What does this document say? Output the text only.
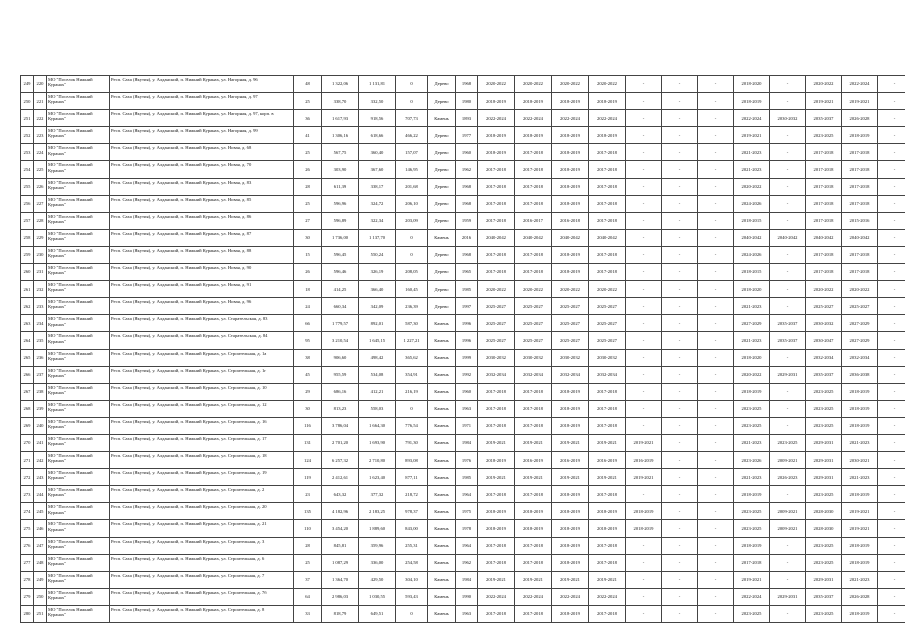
249	220	МО "Поселок Нижний Куранах"	Респ. Саха (Якутия), у. Алданский, п. Нижний Куранах, ул. Нагорная, д. 96	48	1 322,06	1 131,81	0	Дерево	1968	2020-2022	2020-2022	2020-2022	2020-2022	-	-	-	2018-2020	-	2020-2022	2022-2024	-
250	221	МО "Поселок Нижний Куранах"	Респ. Саха (Якутия), у. Алданский, п. Нижний Куранах, ул. Нагорная, д. 97	25	338,70	332,50	0	Дерево	1980	2018-2019	2018-2019	2018-2019	2018-2019	-	-	-	2018-2019	-	2019-2021	2019-2021	-
251	222	МО "Поселок Нижний Куранах"	Респ. Саха (Якутия), у. Алданский, п. Нижний Куранах, ул. Нагорная, д. 97, корп. в	36	1 617,93	918,56	707,73	Камень	1893	2022-2024	2022-2024	2022-2024	2022-2024	-	-	-	2022-2024	2030-2032	2035-2037	2026-2028	-
252	223	МО "Поселок Нижний Куранах"	Респ. Саха (Якутия), у. Алданский, п. Нижний Куранах, ул. Нагорная, д. 99	41	1 306,16	618,66	466,22	Дерево	1977	2018-2019	2018-2019	2018-2019	2018-2019	-	-	-	2019-2021	-	2023-2025	2018-2019	-
253	224	МО "Поселок Нижний Куранах"	Респ. Саха (Якутия), у. Алданский, п. Нижний Куранах, ул. Новая, д. 68	25	567,75	360,40	157,07	Дерево	1960	2018-2019	2017-2018	2018-2019	2017-2018	-	-	-	2021-2023	-	2017-2018	2017-2018	-
254	225	МО "Поселок Нижний Куранах"	Респ. Саха (Якутия), у. Алданский, п. Нижний Куранах, ул. Новая, д. 70	26	303,90	367,60	146,95	Дерево	1962	2017-2018	2017-2018	2018-2019	2017-2018	-	-	-	2021-2023	-	2017-2018	2017-2018	-
255	226	МО "Поселок Нижний Куранах"	Респ. Саха (Якутия), у. Алданский, п. Нижний Куранах, ул. Новая, д. 83	28	611,39	338,17	201,68	Дерево	1968	2017-2018	2017-2018	2018-2019	2017-2018	-	-	-	2020-2022	-	2017-2018	2017-2018	-
256	227	МО "Поселок Нижний Куранах"	Респ. Саха (Якутия), у. Алданский, п. Нижний Куранах, ул. Новая, д. 85	25	596,96	324,72	206,10	Дерево	1968	2017-2018	2017-2018	2018-2019	2017-2018	-	-	-	2024-2026	-	2017-2018	2017-2018	-
257	228	МО "Поселок Нижний Куранах"	Респ. Саха (Якутия), у. Алданский, п. Нижний Куранах, ул. Новая, д. 86	27	596,89	322,34	203,09	Дерево	1959	2017-2018	2016-2017	2016-2018	2017-2018	-	-	-	2018-2015	-	2017-2018	2015-2016	-
258	229	МО "Поселок Нижний Куранах"	Респ. Саха (Якутия), у. Алданский, п. Нижний Куранах, ул. Новая, д. 87	30	1 736,00	1 137,70	0	Камень	2016	2040-2042	2040-2042	2040-2042	2040-2042	-	-	-	2040-2042	2040-2042	2040-2042	2040-2042	-
259	230	МО "Поселок Нижний Куранах"	Респ. Саха (Якутия), у. Алданский, п. Нижний Куранах, ул. Новая, д. 88	15	596,45	550,24	0	Дерево	1968	2017-2018	2017-2018	2018-2019	2017-2018	-	-	-	2024-2026	-	2017-2018	2017-2018	-
260	231	МО "Поселок Нижний Куранах"	Респ. Саха (Якутия), у. Алданский, п. Нижний Куранах, ул. Новая, д. 90	26	596,46	326,19	208,05	Дерево	1965	2017-2018	2017-2018	2018-2019	2017-2018	-	-	-	2018-2015	-	2017-2018	2017-2018	-
261	232	МО "Поселок Нижний Куранах"	Респ. Саха (Якутия), у. Алданский, п. Нижний Куранах, ул. Новая, д. 91	18	414,25	366,40	160,45	Дерево	1985	2020-2022	2020-2022	2020-2022	2020-2022	-	-	-	2018-2020	-	2020-2022	2020-2022	-
262	233	МО "Поселок Нижний Куранах"	Респ. Саха (Якутия), у. Алданский, п. Нижний Куранах, ул. Новая, д. 96	24	660,34	342,09	236,39	Дерево	1997	2025-2027	2025-2027	2025-2027	2025-2027	-	-	-	2021-2023	-	2025-2027	2025-2027	-
263	234	МО "Поселок Нижний Куранах"	Респ. Саха (Якутия), у. Алданский, п. Нижний Куранах, ул. Старательская, д. 83	66	1 779,57	892,01	587,30	Камень	1996	2025-2027	2025-2027	2025-2027	2025-2027	-	-	-	2027-2029	2035-2037	2030-2032	2027-2029	-
264	235	МО "Поселок Нижний Куранах"	Респ. Саха (Якутия), у. Алданский, п. Нижний Куранах, ул. Старательская, д. 84	95	3 210,54	1 645,15	1 227,21	Камень	1996	2025-2027	2025-2027	2025-2027	2025-2027	-	-	-	2021-2023	2035-2037	2030-2047	2027-2029	-
265	236	МО "Поселок Нижний Куранах"	Респ. Саха (Якутия), у. Алданский, п. Нижний Куранах, ул. Строительная, д. 1а	38	906,60	498,42	365,62	Камень	1999	2030-2032	2030-2032	2030-2032	2030-2032	-	-	-	2018-2020	-	2032-2034	2032-2034	-
266	237	МО "Поселок Нижний Куранах"	Респ. Саха (Якутия), у. Алданский, п. Нижний Куранах, ул. Строительная, д. 1г	45	955,59	534,08	354,91	Камень	1992	2032-2034	2032-2034	2032-2034	2032-2034	-	-	-	2020-2022	2029-2031	2035-2037	2036-2038	-
267	238	МО "Поселок Нижний Куранах"	Респ. Саха (Якутия), у. Алданский, п. Нижний Куранах, ул. Строительная, д. 10	29	686,16	412,21	216,19	Камень	1960	2017-2018	2017-2018	2018-2019	2017-2018	-	-	-	2018-2019	-	2023-2025	2018-2019	-
268	239	МО "Поселок Нижний Куранах"	Респ. Саха (Якутия), у. Алданский, п. Нижний Куранах, ул. Строительная, д. 12	30	813,23	558,03	0	Камень	1963	2017-2018	2017-2018	2018-2019	2017-2018	-	-	-	2023-2025	-	2023-2025	2018-2019	-
269	240	МО "Поселок Нижний Куранах"	Респ. Саха (Якутия), у. Алданский, п. Нижний Куранах, ул. Строительная, д. 16	116	3 786,04	1 664,30	776,54	Камень	1971	2017-2018	2017-2018	2018-2019	2017-2018	-	-	-	2023-2025	-	2023-2025	2018-2019	-
270	241	МО "Поселок Нижний Куранах"	Респ. Саха (Якутия), у. Алданский, п. Нижний Куранах, ул. Строительная, д. 17	131	2 701,20	1 693,90	791,30	Камень	1984	2019-2021	2019-2021	2019-2021	2019-2021	2019-2021	-	-	2021-2023	2023-2025	2029-2031	2021-2023	-
271	242	МО "Поселок Нижний Куранах"	Респ. Саха (Якутия), у. Алданский, п. Нижний Куранах, ул. Строительная, д. 18	124	6 257,32	2 710,80	893,08	Камень	1976	2018-2019	2016-2019	2016-2019	2016-2019	2016-2019	-	-	2023-2026	2009-2021	2029-2031	2030-2021	-
272	243	МО "Поселок Нижний Куранах"	Респ. Саха (Якутия), у. Алданский, п. Нижний Куранах, ул. Строительная, д. 19	119	2 412,61	1 623,40	877,11	Камень	1985	2019-2021	2019-2021	2019-2021	2019-2021	2019-2021	-	-	2021-2023	2026-2023	2029-2031	2021-2023	-
273	244	МО "Поселок Нижний Куранах"	Респ. Саха (Якутия), у. Алданский, п. Нижний Куранах, ул. Строительная, д. 2	23	643,32	377,32	218,72	Камень	1964	2017-2018	2017-2018	2018-2019	2017-2018	-	-	-	2018-2019	-	2023-2025	2018-2019	-
274	245	МО "Поселок Нижний Куранах"	Респ. Саха (Якутия), у. Алданский, п. Нижний Куранах, ул. Строительная, д. 20	135	4 182,96	2 183,25	978,37	Камень	1975	2018-2019	2018-2019	2018-2019	2018-2019	2018-2019	-	-	2023-2025	2009-2021	2028-2030	2019-2021	-
275	246	МО "Поселок Нижний Куранах"	Респ. Саха (Якутия), у. Алданский, п. Нижний Куранах, ул. Строительная, д. 21	110	3 454,20	1 889,60	843,00	Камень	1978	2018-2019	2018-2019	2018-2019	2018-2019	2018-2019	-	-	2023-2025	2009-2021	2028-2030	2019-2021	-
276	247	МО "Поселок Нижний Куранах"	Респ. Саха (Якутия), у. Алданский, п. Нижний Куранах, ул. Строительная, д. 3	28	845,81	359,96	255,31	Камень	1964	2017-2018	2017-2018	2018-2019	2017-2018	-	-	-	2018-2019	-	2023-2025	2018-2019	-
277	248	МО "Поселок Нижний Куранах"	Респ. Саха (Якутия), у. Алданский, п. Нижний Куранах, ул. Строительная, д. 6	25	1 087,29	336,00	254,58	Камень	1962	2017-2018	2017-2018	2018-2019	2017-2018	-	-	-	2017-2018	-	2023-2025	2018-2019	-
278	249	МО "Поселок Нижний Куранах"	Респ. Саха (Якутия), у. Алданский, п. Нижний Куранах, ул. Строительная, д. 7	37	1 364,70	429,50	304,10	Камень	1984	2019-2021	2019-2021	2019-2021	2019-2021	-	-	-	2019-2021	-	2029-2031	2021-2023	-
279	250	МО "Поселок Нижний Куранах"	Респ. Саха (Якутия), у. Алданский, п. Нижний Куранах, ул. Строительная, д. 7б	64	2 986,03	1 030,55	593,43	Камень	1990	2022-2024	2022-2024	2022-2024	2022-2024	-	-	-	2022-2024	2029-2031	2035-2037	2026-2028	-
280	251	МО "Поселок Нижний Куранах"	Респ. Саха (Якутия), у. Алданский, п. Нижний Куранах, ул. Строительная, д. 8	33	818,79	649,51	0	Камень	1963	2017-2018	2017-2018	2018-2019	2017-2018	-	-	-	2023-2025	-	2023-2025	2018-2019	-
